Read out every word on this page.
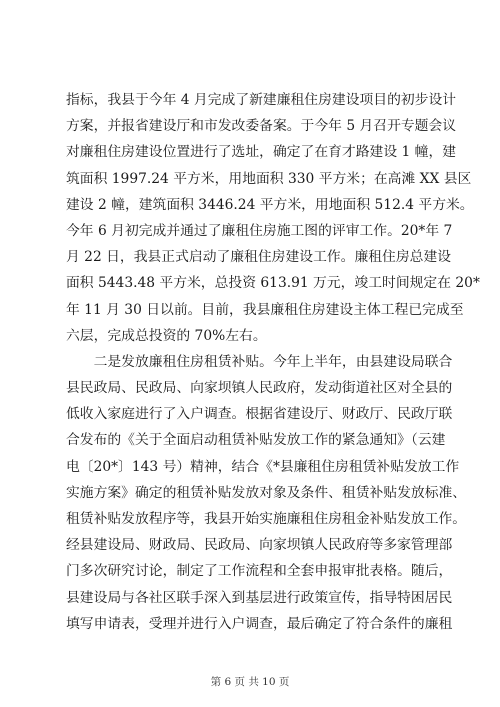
指标，我县于今年 4 月完成了新建廉租住房建设项目的初步设计
方案，并报省建设厅和市发改委备案。于今年 5 月召开专题会议
对廉租住房建设位置进行了选址，确定了在育才路建设 1 幢，建
筑面积 1997.24 平方米，用地面积 330 平方米；在高滩 XX 县区
建设 2 幢，建筑面积 3446.24 平方米，用地面积 512.4 平方米。
今年 6 月初完成并通过了廉租住房施工图的评审工作。20*年 7
月 22 日，我县正式启动了廉租住房建设工作。廉租住房总建设
面积 5443.48 平方米，总投资 613.91 万元，竣工时间规定在 20*
年 11 月 30 日以前。目前，我县廉租住房建设主体工程已完成至
六层，完成总投资的 70%左右。
　　二是发放廉租住房租赁补贴。今年上半年，由县建设局联合
县民政局、民政局、向家坝镇人民政府，发动街道社区对全县的
低收入家庭进行了入户调查。根据省建设厅、财政厅、民政厅联
合发布的《关于全面启动租赁补贴发放工作的紧急通知》（云建
电〔20*〕143 号）精神，结合《*县廉租住房租赁补贴发放工作
实施方案》确定的租赁补贴发放对象及条件、租赁补贴发放标准、
租赁补贴发放程序等，我县开始实施廉租住房租金补贴发放工作。
经县建设局、财政局、民政局、向家坝镇人民政府等多家管理部
门多次研究讨论，制定了工作流程和全套申报审批表格。随后，
县建设局与各社区联手深入到基层进行政策宣传，指导特困居民
填写申请表，受理并进行入户调查，最后确定了符合条件的廉租
第 6 页 共 10 页
